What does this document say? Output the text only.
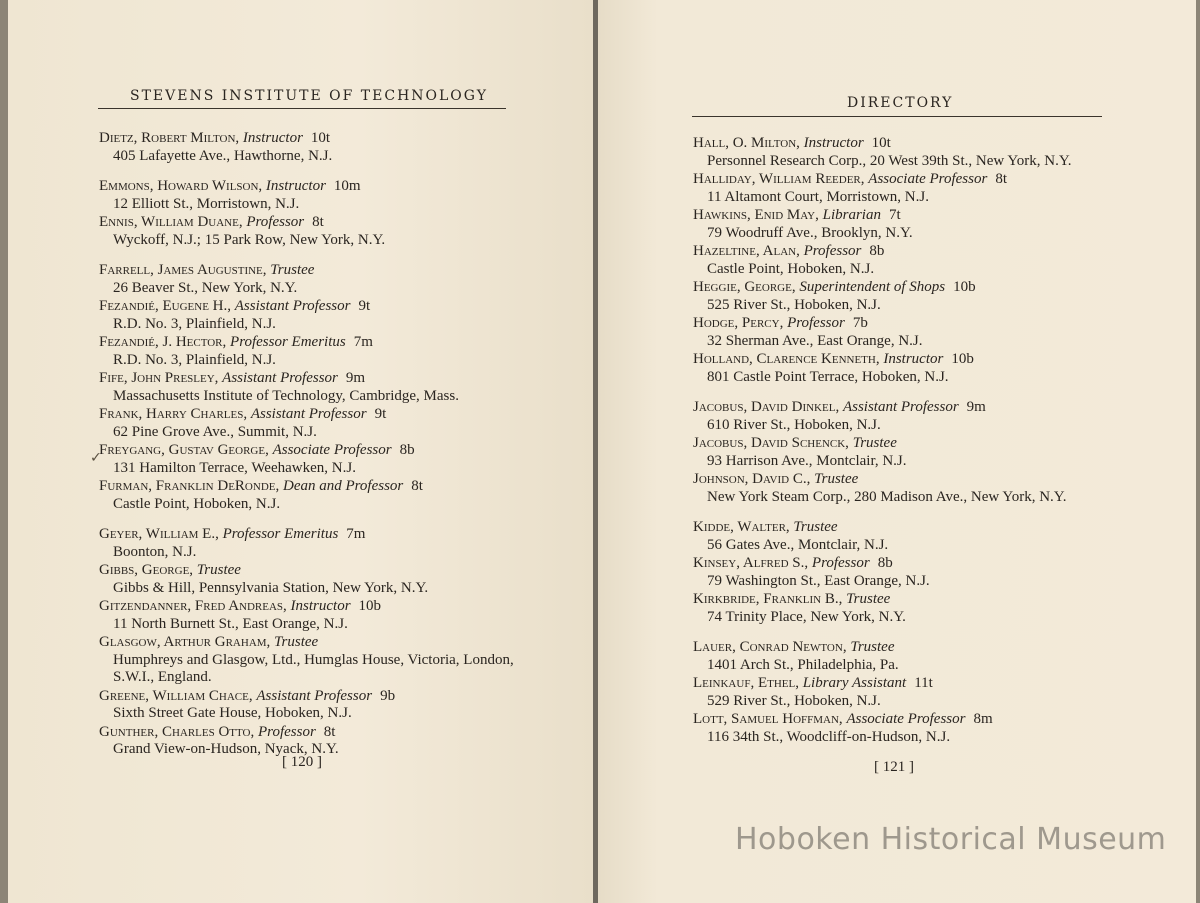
STEVENS INSTITUTE OF TECHNOLOGY
Dietz, Robert Milton, Instructor 10t
405 Lafayette Ave., Hawthorne, N.J.
Emmons, Howard Wilson, Instructor 10m
12 Elliott St., Morristown, N.J.
Ennis, William Duane, Professor 8t
Wyckoff, N.J.; 15 Park Row, New York, N.Y.
Farrell, James Augustine, Trustee
26 Beaver St., New York, N.Y.
Fezandié, Eugene H., Assistant Professor 9t
R.D. No. 3, Plainfield, N.J.
Fezandié, J. Hector, Professor Emeritus 7m
R.D. No. 3, Plainfield, N.J.
Fife, John Presley, Assistant Professor 9m
Massachusetts Institute of Technology, Cambridge, Mass.
Frank, Harry Charles, Assistant Professor 9t
62 Pine Grove Ave., Summit, N.J.
Freygang, Gustav George, Associate Professor 8b
131 Hamilton Terrace, Weehawken, N.J.
Furman, Franklin DeRonde, Dean and Professor 8t
Castle Point, Hoboken, N.J.
Geyer, William E., Professor Emeritus 7m
Boonton, N.J.
Gibbs, George, Trustee
Gibbs & Hill, Pennsylvania Station, New York, N.Y.
Gitzendanner, Fred Andreas, Instructor 10b
11 North Burnett St., East Orange, N.J.
Glasgow, Arthur Graham, Trustee
Humphreys and Glasgow, Ltd., Humglas House, Victoria, London, S.W.I., England.
Greene, William Chace, Assistant Professor 9b
Sixth Street Gate House, Hoboken, N.J.
Gunther, Charles Otto, Professor 8t
Grand View-on-Hudson, Nyack, N.Y.
[ 120 ]
✓
DIRECTORY
Hall, O. Milton, Instructor 10t
Personnel Research Corp., 20 West 39th St., New York, N.Y.
Halliday, William Reeder, Associate Professor 8t
11 Altamont Court, Morristown, N.J.
Hawkins, Enid May, Librarian 7t
79 Woodruff Ave., Brooklyn, N.Y.
Hazeltine, Alan, Professor 8b
Castle Point, Hoboken, N.J.
Heggie, George, Superintendent of Shops 10b
525 River St., Hoboken, N.J.
Hodge, Percy, Professor 7b
32 Sherman Ave., East Orange, N.J.
Holland, Clarence Kenneth, Instructor 10b
801 Castle Point Terrace, Hoboken, N.J.
Jacobus, David Dinkel, Assistant Professor 9m
610 River St., Hoboken, N.J.
Jacobus, David Schenck, Trustee
93 Harrison Ave., Montclair, N.J.
Johnson, David C., Trustee
New York Steam Corp., 280 Madison Ave., New York, N.Y.
Kidde, Walter, Trustee
56 Gates Ave., Montclair, N.J.
Kinsey, Alfred S., Professor 8b
79 Washington St., East Orange, N.J.
Kirkbride, Franklin B., Trustee
74 Trinity Place, New York, N.Y.
Lauer, Conrad Newton, Trustee
1401 Arch St., Philadelphia, Pa.
Leinkauf, Ethel, Library Assistant 11t
529 River St., Hoboken, N.J.
Lott, Samuel Hoffman, Associate Professor 8m
116 34th St., Woodcliff-on-Hudson, N.J.
[ 121 ]
Hoboken Historical Museum
